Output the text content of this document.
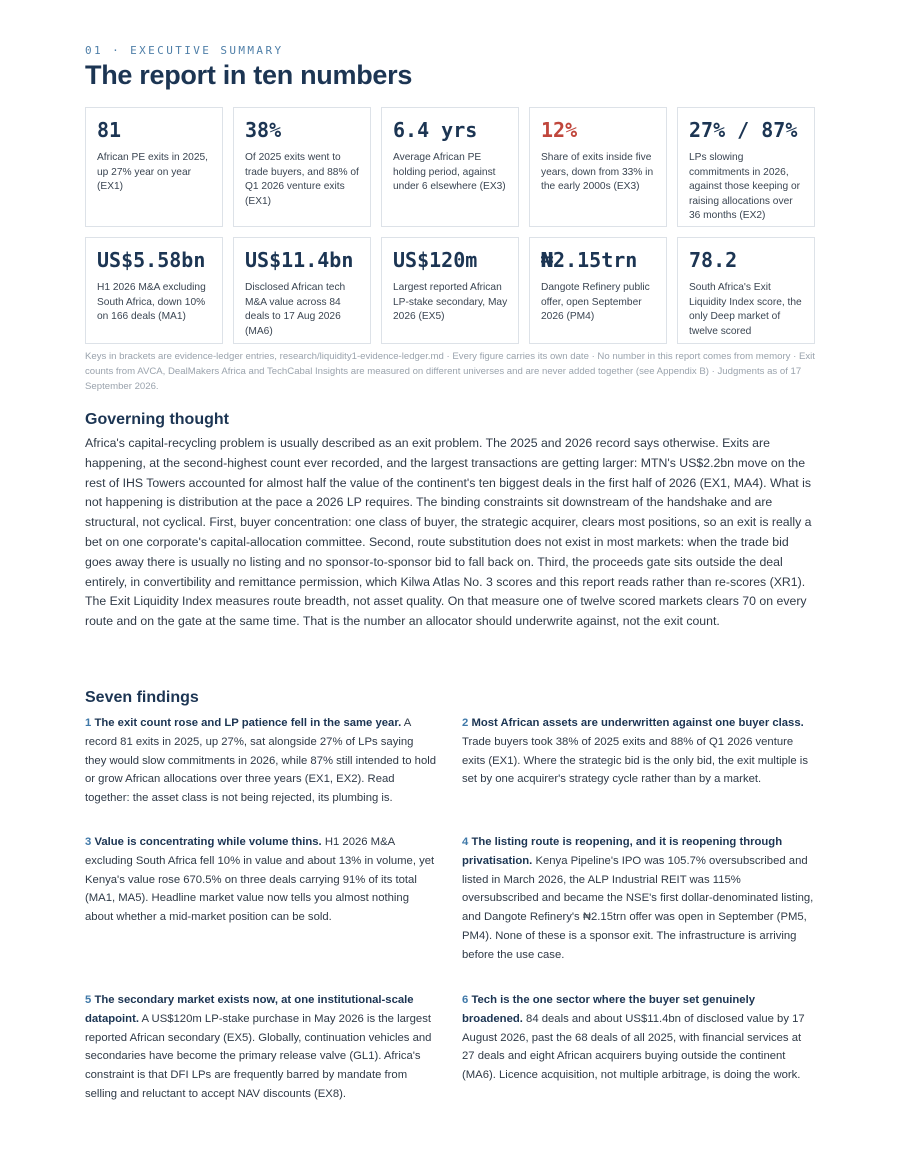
01 · EXECUTIVE SUMMARY
The report in ten numbers
81
African PE exits in 2025, up 27% year on year (EX1)
38%
Of 2025 exits went to trade buyers, and 88% of Q1 2026 venture exits (EX1)
6.4 yrs
Average African PE holding period, against under 6 elsewhere (EX3)
12%
Share of exits inside five years, down from 33% in the early 2000s (EX3)
27% / 87%
LPs slowing commitments in 2026, against those keeping or raising allocations over 36 months (EX2)
US$5.58bn
H1 2026 M&A excluding South Africa, down 10% on 166 deals (MA1)
US$11.4bn
Disclosed African tech M&A value across 84 deals to 17 Aug 2026 (MA6)
US$120m
Largest reported African LP-stake secondary, May 2026 (EX5)
₦2.15trn
Dangote Refinery public offer, open September 2026 (PM4)
78.2
South Africa's Exit Liquidity Index score, the only Deep market of twelve scored
Keys in brackets are evidence-ledger entries, research/liquidity1-evidence-ledger.md · Every figure carries its own date · No number in this report comes from memory · Exit counts from AVCA, DealMakers Africa and TechCabal Insights are measured on different universes and are never added together (see Appendix B) · Judgments as of 17 September 2026.
Governing thought
Africa's capital-recycling problem is usually described as an exit problem. The 2025 and 2026 record says otherwise. Exits are happening, at the second-highest count ever recorded, and the largest transactions are getting larger: MTN's US$2.2bn move on the rest of IHS Towers accounted for almost half the value of the continent's ten biggest deals in the first half of 2026 (EX1, MA4). What is not happening is distribution at the pace a 2026 LP requires. The binding constraints sit downstream of the handshake and are structural, not cyclical. First, buyer concentration: one class of buyer, the strategic acquirer, clears most positions, so an exit is really a bet on one corporate's capital-allocation committee. Second, route substitution does not exist in most markets: when the trade bid goes away there is usually no listing and no sponsor-to-sponsor bid to fall back on. Third, the proceeds gate sits outside the deal entirely, in convertibility and remittance permission, which Kilwa Atlas No. 3 scores and this report reads rather than re-scores (XR1). The Exit Liquidity Index measures route breadth, not asset quality. On that measure one of twelve scored markets clears 70 on every route and on the gate at the same time. That is the number an allocator should underwrite against, not the exit count.
Seven findings
1 The exit count rose and LP patience fell in the same year. A record 81 exits in 2025, up 27%, sat alongside 27% of LPs saying they would slow commitments in 2026, while 87% still intended to hold or grow African allocations over three years (EX1, EX2). Read together: the asset class is not being rejected, its plumbing is.
2 Most African assets are underwritten against one buyer class. Trade buyers took 38% of 2025 exits and 88% of Q1 2026 venture exits (EX1). Where the strategic bid is the only bid, the exit multiple is set by one acquirer's strategy cycle rather than by a market.
3 Value is concentrating while volume thins. H1 2026 M&A excluding South Africa fell 10% in value and about 13% in volume, yet Kenya's value rose 670.5% on three deals carrying 91% of its total (MA1, MA5). Headline market value now tells you almost nothing about whether a mid-market position can be sold.
4 The listing route is reopening, and it is reopening through privatisation. Kenya Pipeline's IPO was 105.7% oversubscribed and listed in March 2026, the ALP Industrial REIT was 115% oversubscribed and became the NSE's first dollar-denominated listing, and Dangote Refinery's ₦2.15trn offer was open in September (PM5, PM4). None of these is a sponsor exit. The infrastructure is arriving before the use case.
5 The secondary market exists now, at one institutional-scale datapoint. A US$120m LP-stake purchase in May 2026 is the largest reported African secondary (EX5). Globally, continuation vehicles and secondaries have become the primary release valve (GL1). Africa's constraint is that DFI LPs are frequently barred by mandate from selling and reluctant to accept NAV discounts (EX8).
6 Tech is the one sector where the buyer set genuinely broadened. 84 deals and about US$11.4bn of disclosed value by 17 August 2026, past the 68 deals of all 2025, with financial services at 27 deals and eight African acquirers buying outside the continent (MA6). Licence acquisition, not multiple arbitrage, is doing the work.
